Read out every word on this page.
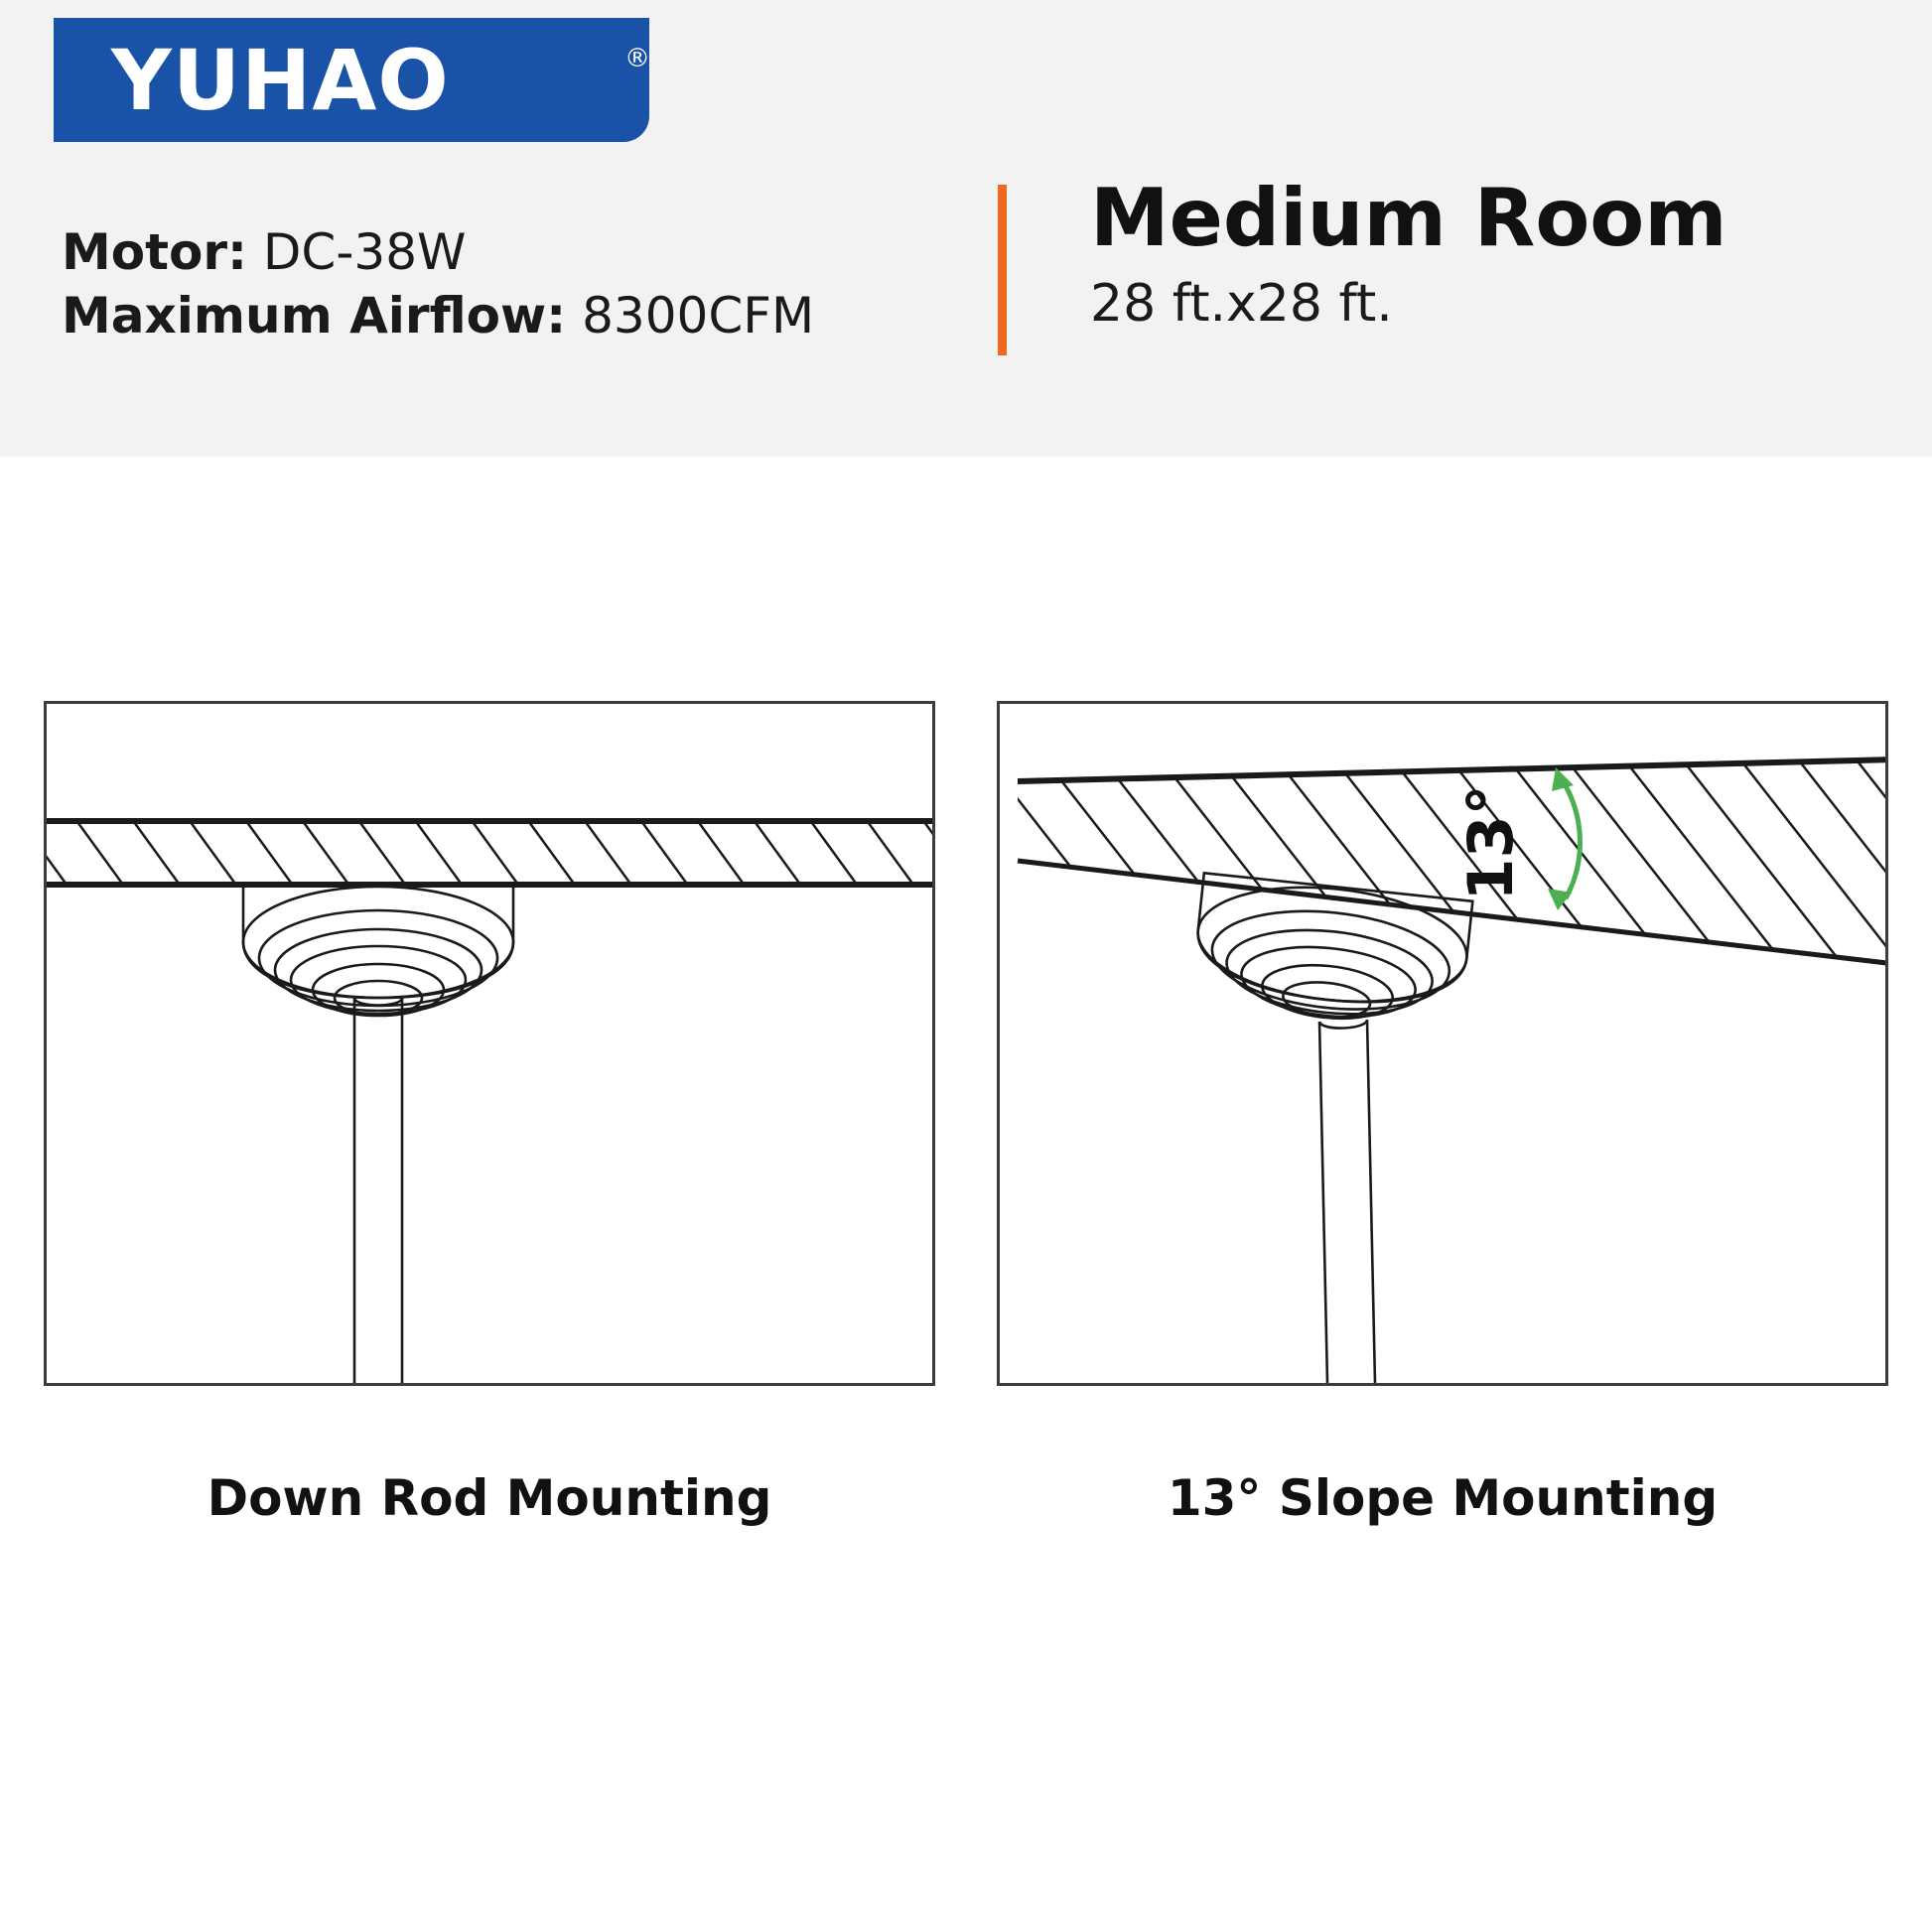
YUHAO	®
Motor: DC-38W
Maximum Airflow: 8300CFM
Medium Room
28 ft.x28 ft.
Down Rod Mounting
13°
13° Slope Mounting
